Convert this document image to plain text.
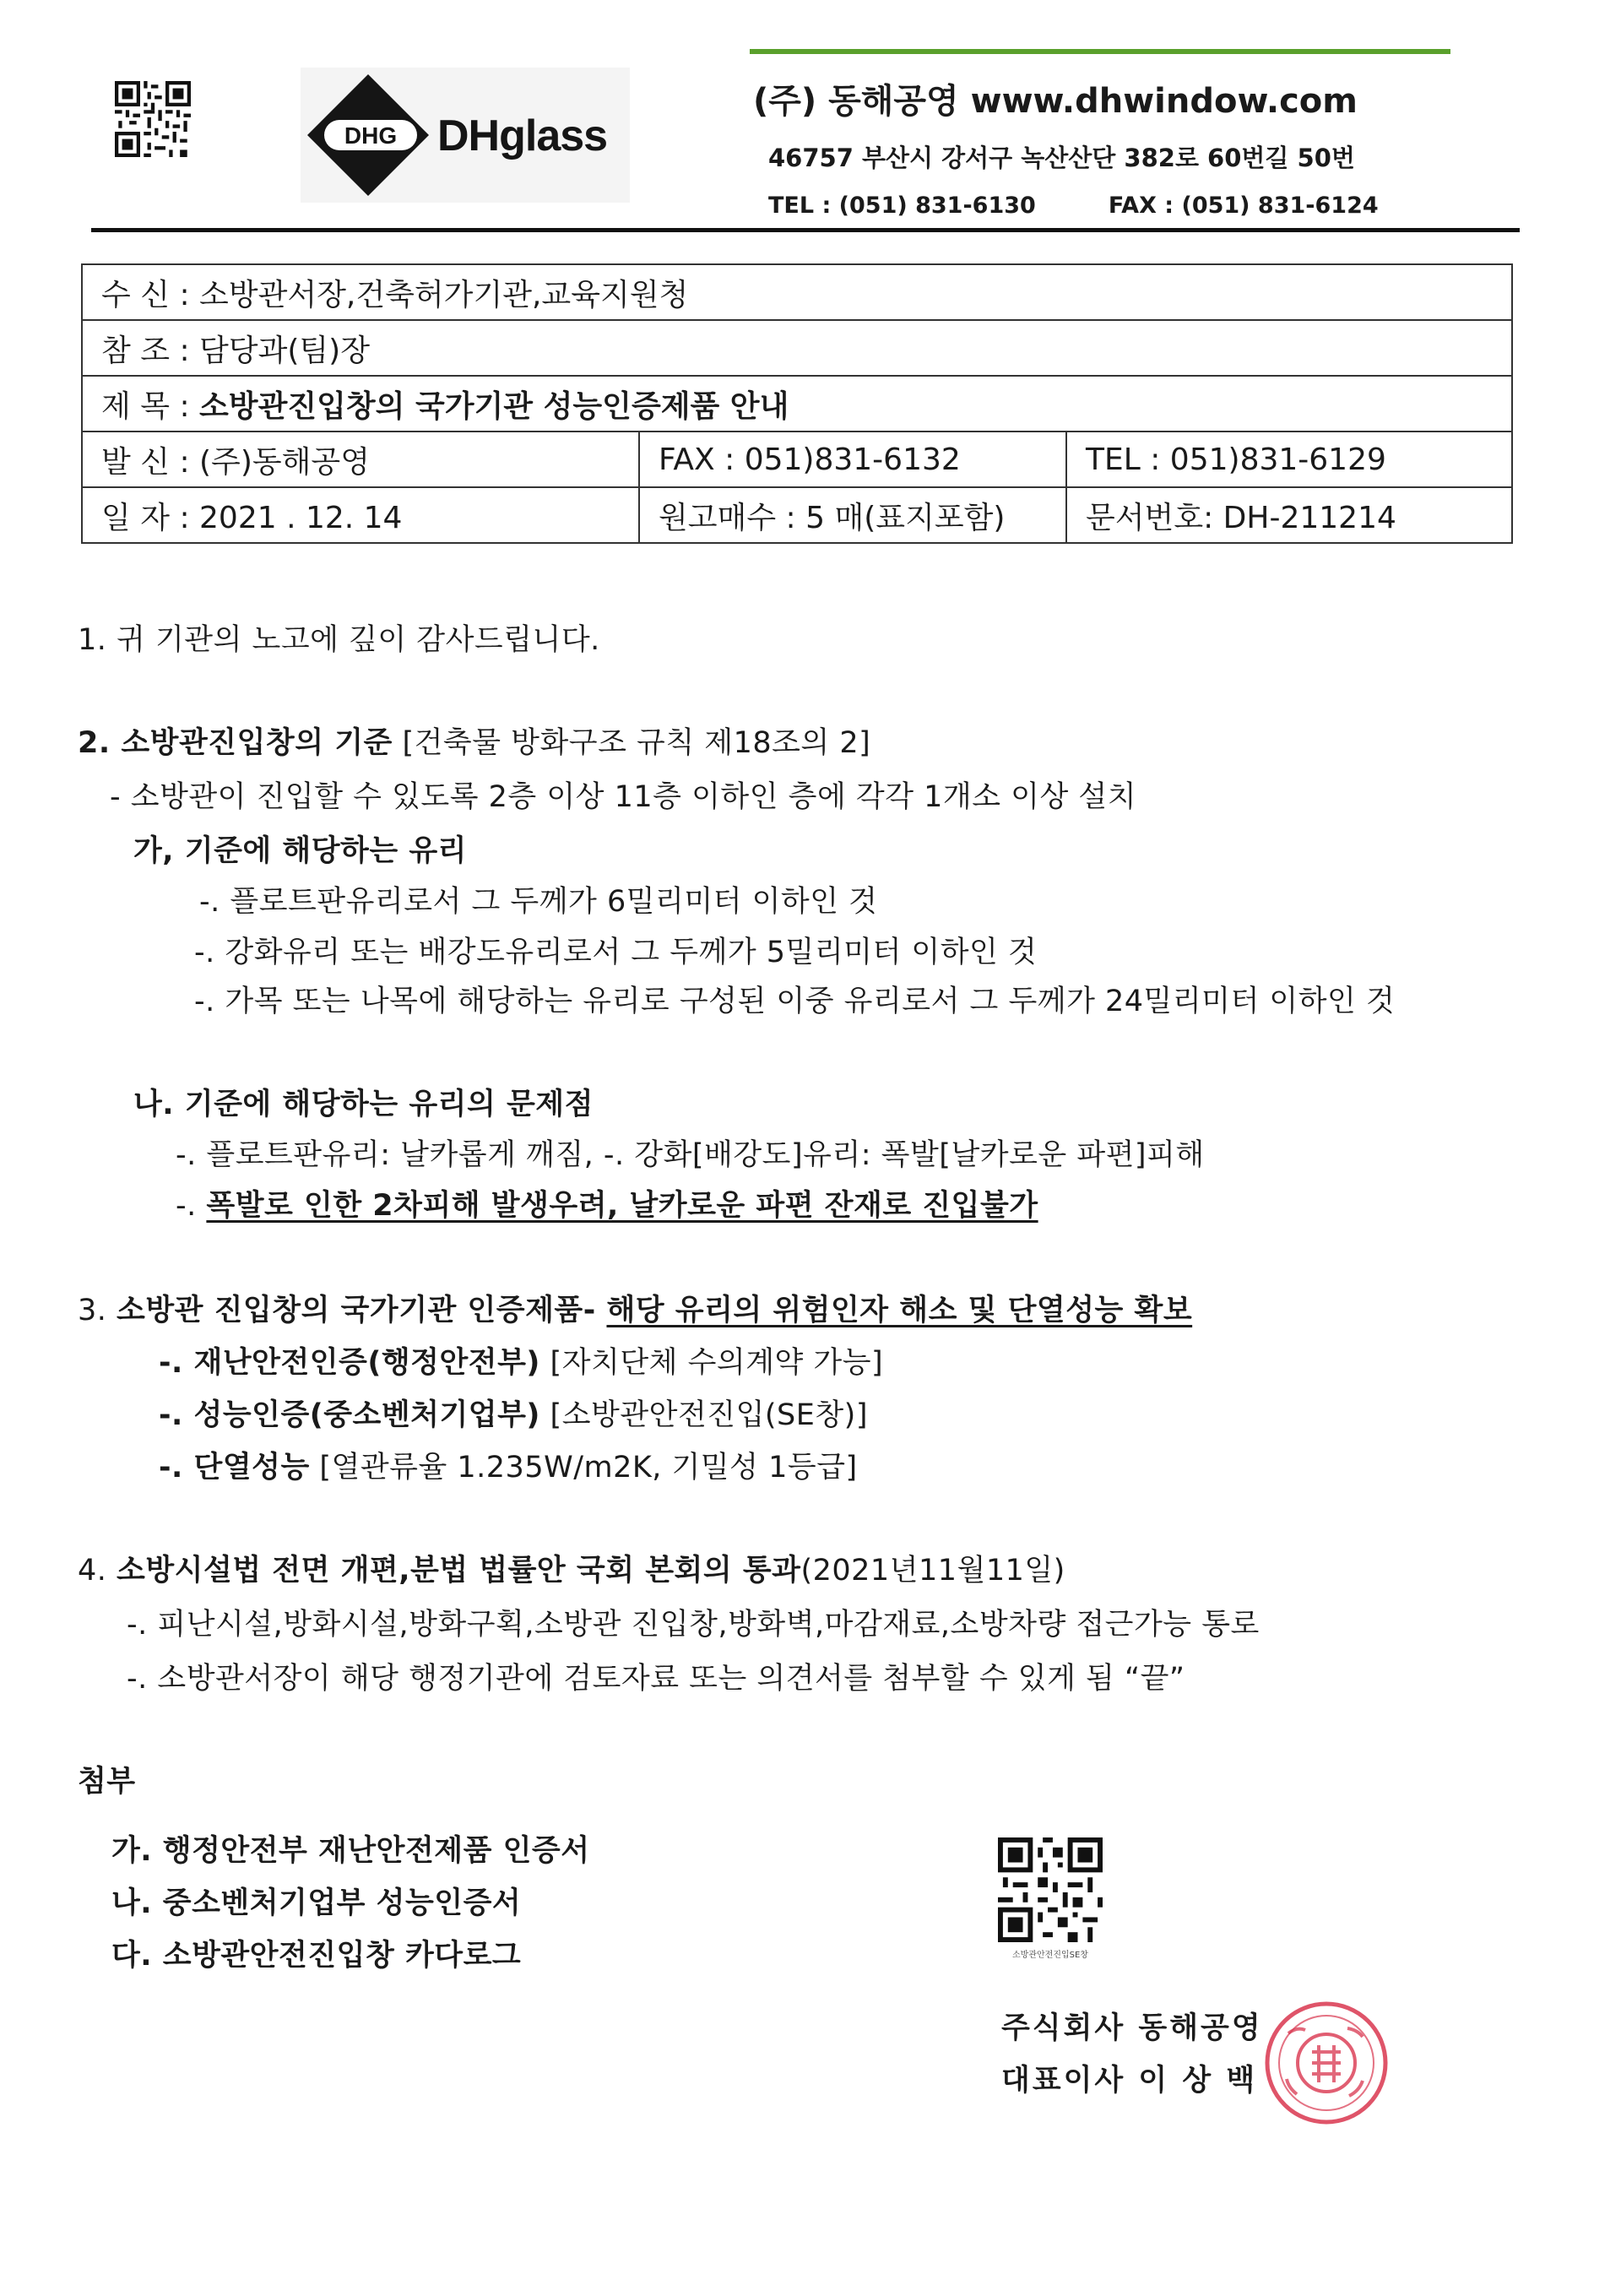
DHG DHglass
(주) 동해공영 www.dhwindow.com
46757 부산시 강서구 녹산산단 382로 60번길 50번
TEL : (051) 831-6130	FAX : (051) 831-6124
수 신 : 소방관서장,건축허가기관,교육지원청		
참 조 : 담당과(팀)장		
제 목 : 소방관진입창의 국가기관 성능인증제품 안내		
발 신 : (주)동해공영	FAX : 051)831-6132	TEL : 051)831-6129
일 자 : 2021 . 12. 14	원고매수 : 5 매(표지포함)	문서번호: DH-211214
1. 귀 기관의 노고에 깊이 감사드립니다.
2. 소방관진입창의 기준 [건축물 방화구조 규칙 제18조의 2]
- 소방관이 진입할 수 있도록 2층 이상 11층 이하인 층에 각각 1개소 이상 설치
가, 기준에 해당하는 유리
-. 플로트판유리로서 그 두께가 6밀리미터 이하인 것
-. 강화유리 또는 배강도유리로서 그 두께가 5밀리미터 이하인 것
-. 가목 또는 나목에 해당하는 유리로 구성된 이중 유리로서 그 두께가 24밀리미터 이하인 것
나. 기준에 해당하는 유리의 문제점
-. 플로트판유리: 날카롭게 깨짐, -. 강화[배강도]유리: 폭발[날카로운 파편]피해
-. 폭발로 인한 2차피해 발생우려, 날카로운 파편 잔재로 진입불가
3. 소방관 진입창의 국가기관 인증제품- 해당 유리의 위험인자 해소 및 단열성능 확보
-. 재난안전인증(행정안전부) [자치단체 수의계약 가능]
-. 성능인증(중소벤처기업부) [소방관안전진입(SE창)]
-. 단열성능 [열관류율 1.235W/m2K, 기밀성 1등급]
4. 소방시설법 전면 개편,분법 법률안 국회 본회의 통과(2021년11월11일)
-. 피난시설,방화시설,방화구획,소방관 진입창,방화벽,마감재료,소방차량 접근가능 통로
-. 소방관서장이 해당 행정기관에 검토자료 또는 의견서를 첨부할 수 있게 됨 “끝”
첨부
가. 행정안전부 재난안전제품 인증서
나. 중소벤처기업부 성능인증서
다. 소방관안전진입창 카다로그	소방관안전진입SE창
주식회사 동해공영
대표이사 이 상 백
